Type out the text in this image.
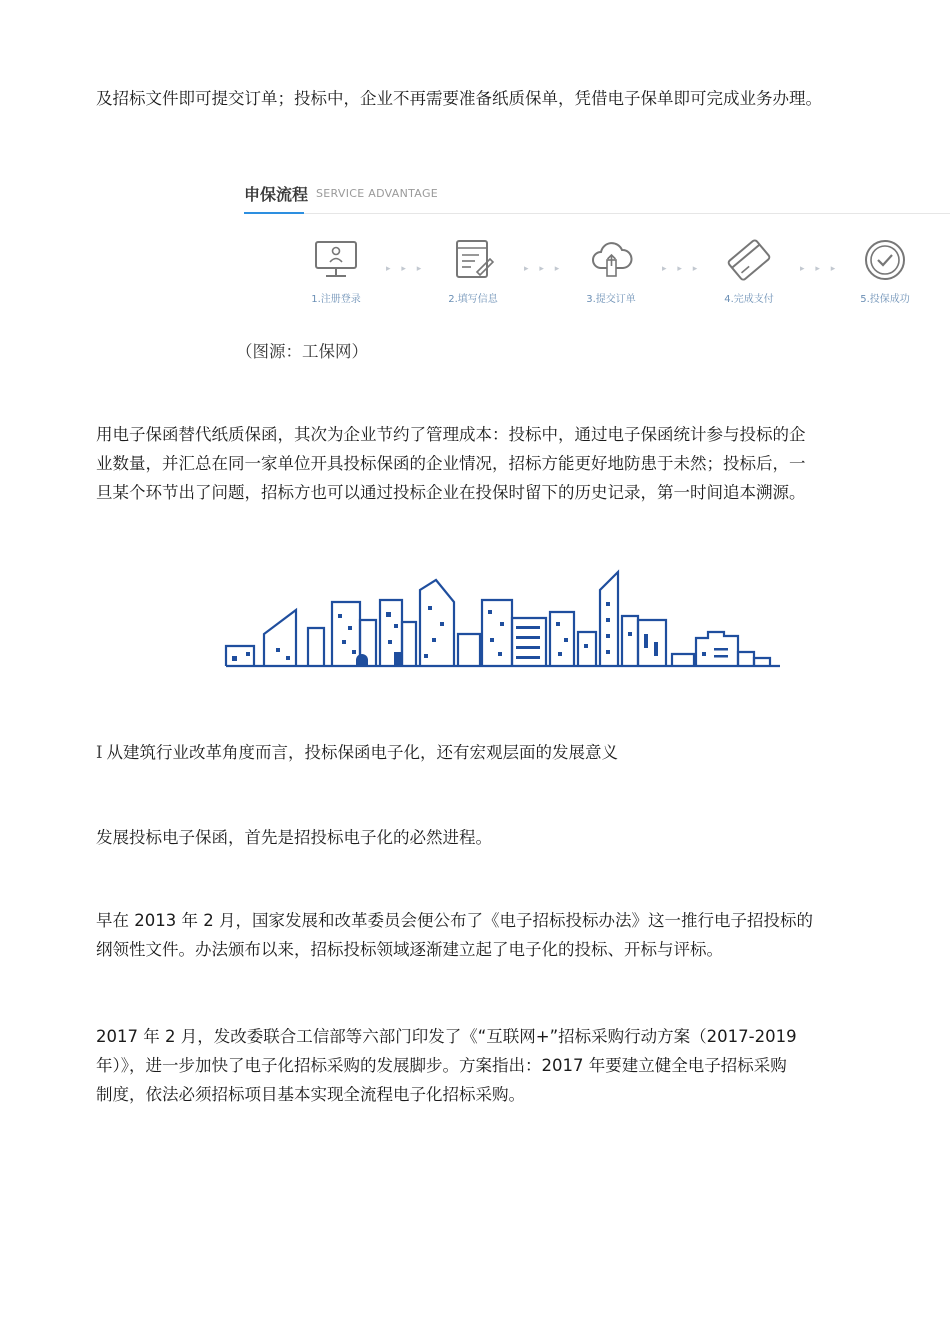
及招标文件即可提交订单；投标中，企业不再需要准备纸质保单，凭借电子保单即可完成业务办理。

申保流程 SERVICE ADVANTAGE
1.注册登录
▸ ▸ ▸
2.填写信息
▸ ▸ ▸
3.提交订单
▸ ▸ ▸
4.完成支付
▸ ▸ ▸
5.投保成功
（图源：工保网）

用电子保函替代纸质保函，其次为企业节约了管理成本：投标中，通过电子保函统计参与投标的企
业数量，并汇总在同一家单位开具投标保函的企业情况，招标方能更好地防患于未然；投标后，一
旦某个环节出了问题，招标方也可以通过投标企业在投保时留下的历史记录，第一时间追本溯源。

I 从建筑行业改革角度而言，投标保函电子化，还有宏观层面的发展意义

发展投标电子保函，首先是招投标电子化的必然进程。

早在 2013 年 2 月，国家发展和改革委员会便公布了《电子招标投标办法》这一推行电子招投标的
纲领性文件。办法颁布以来，招标投标领域逐渐建立起了电子化的投标、开标与评标。

2017 年 2 月，发改委联合工信部等六部门印发了《“互联网+”招标采购行动方案（2017-2019
年）》，进一步加快了电子化招标采购的发展脚步。方案指出：2017 年要建立健全电子招标采购
制度，依法必须招标项目基本实现全流程电子化招标采购。
